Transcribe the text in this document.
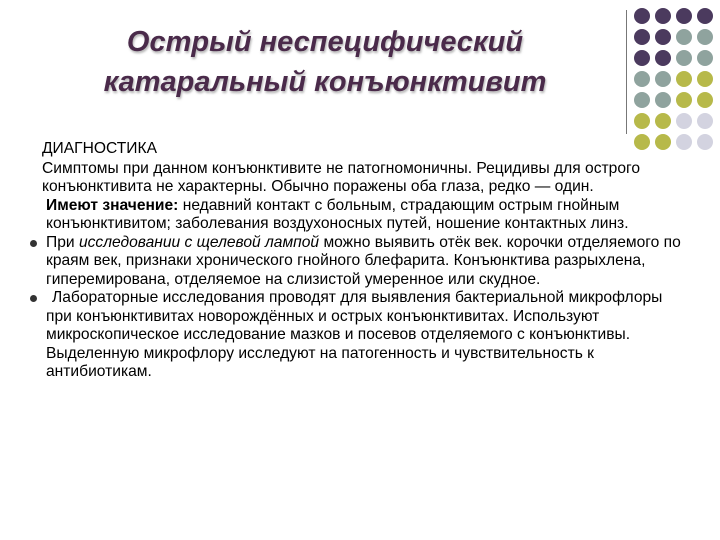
Острый неспецифический
катаральный конъюнктивит
ДИАГНОСТИКА

Симптомы при данном конъюнктивите не патогномоничны. Рецидивы для острого конъюнктивита не характерны. Обычно поражены оба глаза, редко — один.

Имеют значение: недавний контакт с больным, страдающим острым гнойным конъюнктивитом; заболевания воздухоносных путей, ношение контактных линз.

При исследовании с щелевой лампой можно выявить отёк век. корочки отделяемого по краям век, признаки хронического гнойного блефарита. Конъюнктива разрыхлена, гиперемирована, отделяемое на слизистой умеренное или скудное.

Лабораторные исследования проводят для выявления бактериальной микрофлоры при конъюнктивитах новорождённых и острых конъюнктивитах. Используют микроскопическое исследование мазков и посевов отделяемого с конъюнктивы. Выделенную микрофлору исследуют на патогенность и чувствительность к антибиотикам.
